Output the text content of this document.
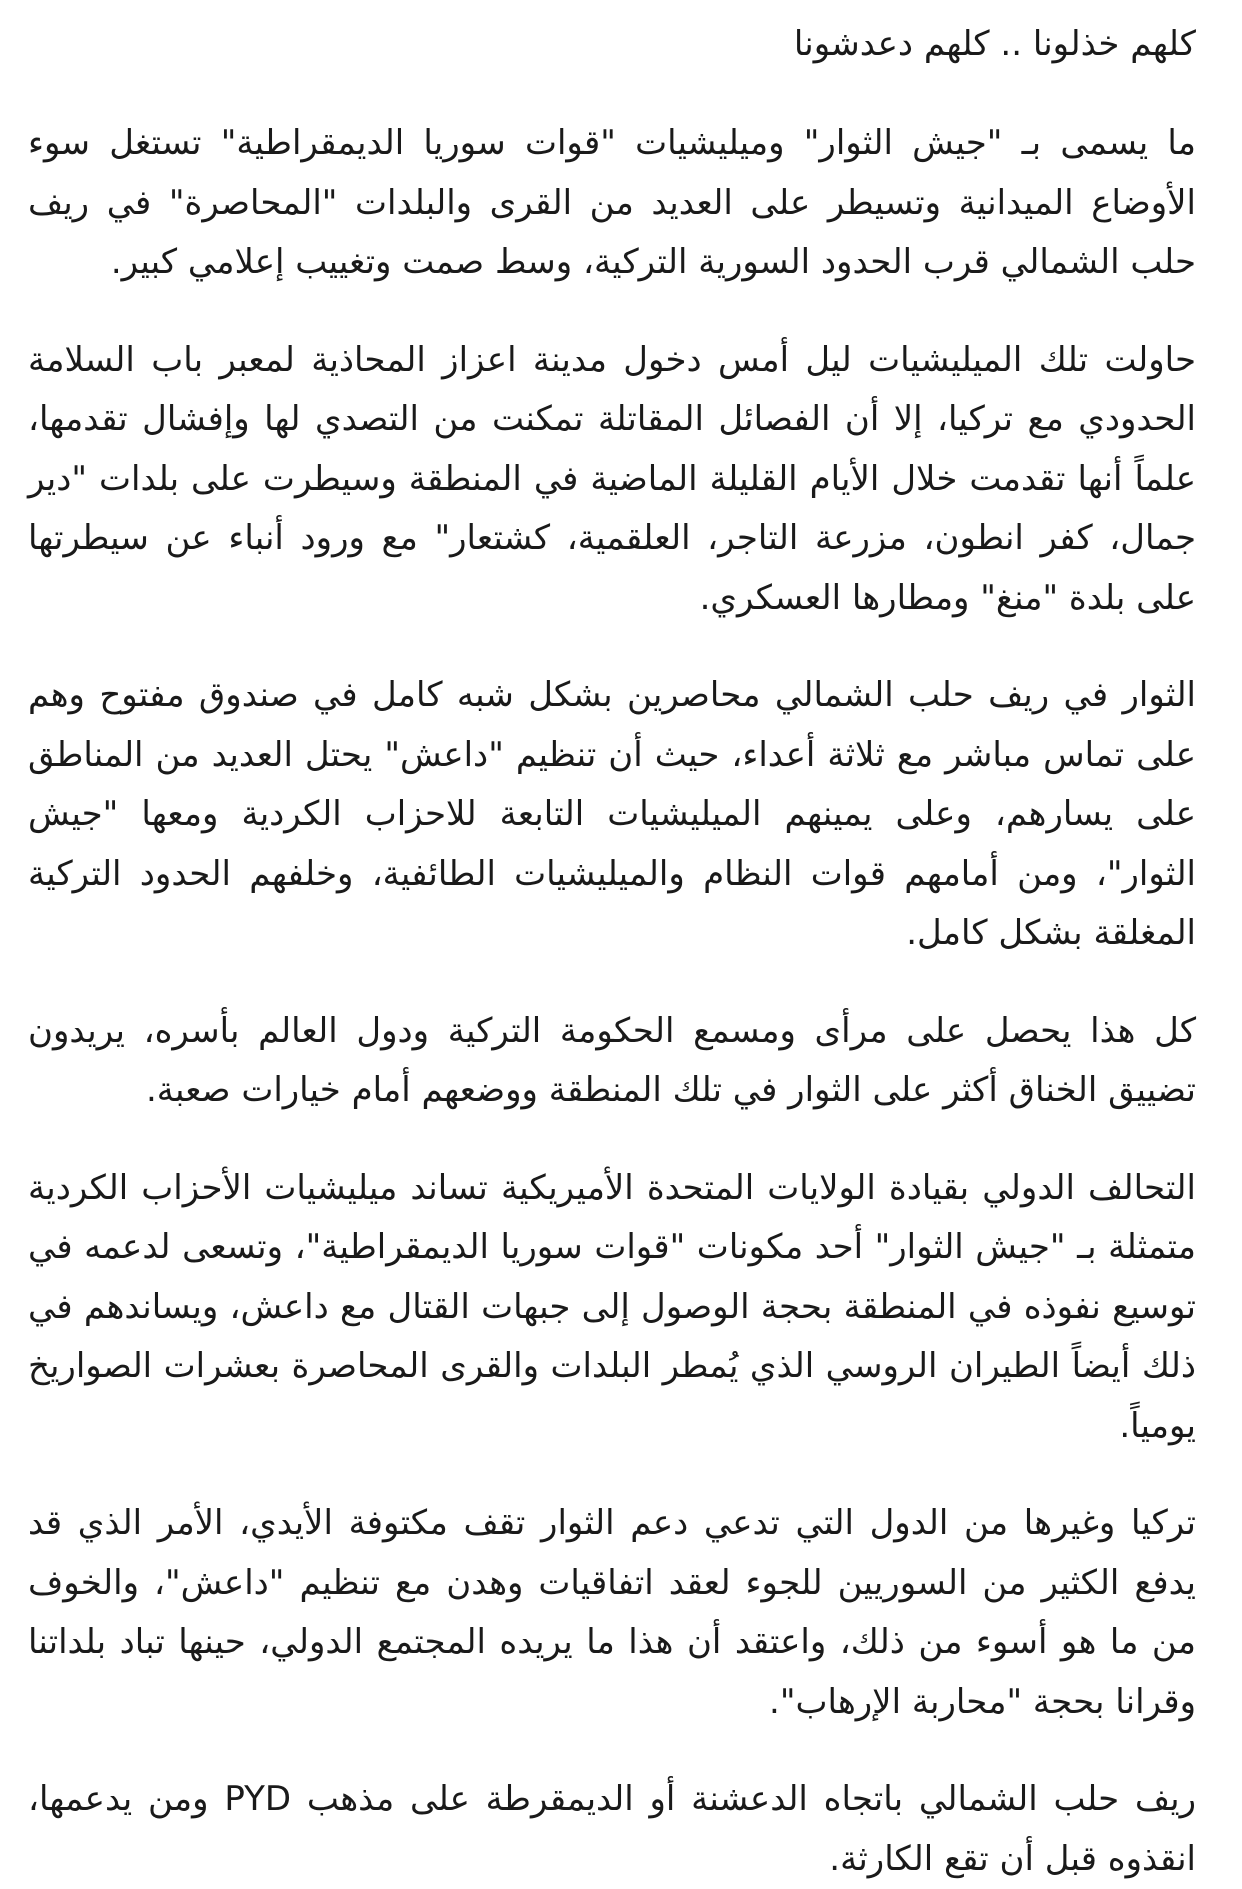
كلهم خذلونا .. كلهم دعدشونا

ما يسمى بـ "جيش الثوار" وميليشيات "قوات سوريا الديمقراطية" تستغل سوء الأوضاع الميدانية وتسيطر على العديد من القرى والبلدات "المحاصرة" في ريف حلب الشمالي قرب الحدود السورية التركية، وسط صمت وتغييب إعلامي كبير.

حاولت تلك الميليشيات ليل أمس دخول مدينة اعزاز المحاذية لمعبر باب السلامة الحدودي مع تركيا، إلا أن الفصائل المقاتلة تمكنت من التصدي لها وإفشال تقدمها، علماً أنها تقدمت خلال الأيام القليلة الماضية في المنطقة وسيطرت على بلدات "دير جمال، كفر انطون، مزرعة التاجر، العلقمية، كشتعار" مع ورود أنباء عن سيطرتها على بلدة "منغ" ومطارها العسكري.

الثوار في ريف حلب الشمالي محاصرين بشكل شبه كامل في صندوق مفتوح وهم على تماس مباشر مع ثلاثة أعداء، حيث أن تنظيم "داعش" يحتل العديد من المناطق على يسارهم، وعلى يمينهم الميليشيات التابعة للاحزاب الكردية ومعها "جيش الثوار"، ومن أمامهم قوات النظام والميليشيات الطائفية، وخلفهم الحدود التركية المغلقة بشكل كامل.

كل هذا يحصل على مرأى ومسمع الحكومة التركية ودول العالم بأسره، يريدون تضييق الخناق أكثر على الثوار في تلك المنطقة ووضعهم أمام خيارات صعبة.

التحالف الدولي بقيادة الولايات المتحدة الأميريكية تساند ميليشيات الأحزاب الكردية متمثلة بـ "جيش الثوار" أحد مكونات "قوات سوريا الديمقراطية"، وتسعى لدعمه في توسيع نفوذه في المنطقة بحجة الوصول إلى جبهات القتال مع داعش، ويساندهم في ذلك أيضاً الطيران الروسي الذي يُمطر البلدات والقرى المحاصرة بعشرات الصواريخ يومياً.

تركيا وغيرها من الدول التي تدعي دعم الثوار تقف مكتوفة الأيدي، الأمر الذي قد يدفع الكثير من السوريين للجوء لعقد اتفاقيات وهدن مع تنظيم "داعش"، والخوف من ما هو أسوء من ذلك، واعتقد أن هذا ما يريده المجتمع الدولي، حينها تباد بلداتنا وقرانا بحجة "محاربة الإرهاب".

ريف حلب الشمالي باتجاه الدعشنة أو الديمقرطة على مذهب PYD ومن يدعمها، انقذوه قبل أن تقع الكارثة.
